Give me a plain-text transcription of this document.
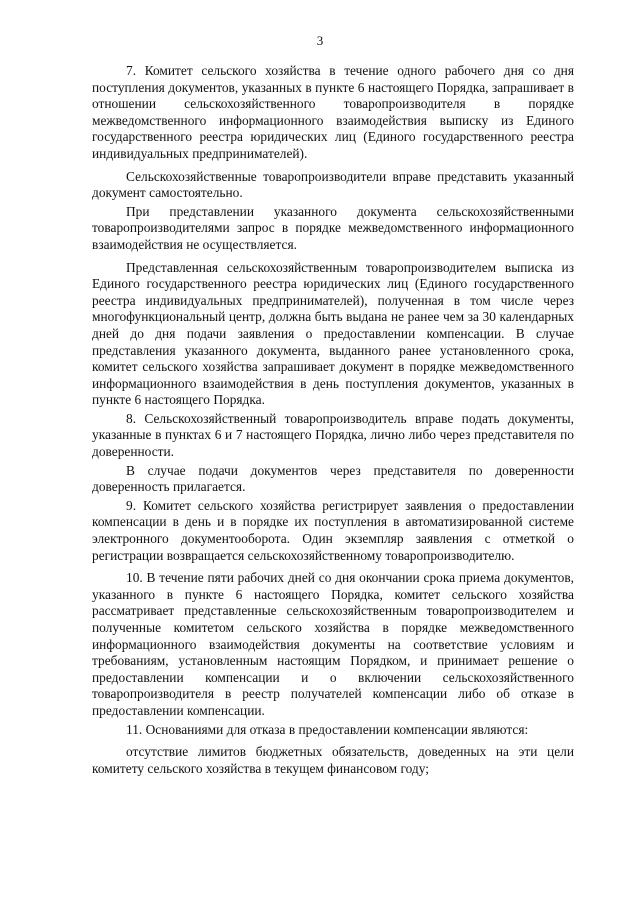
3

7. Комитет сельского хозяйства в течение одного рабочего дня со дня поступления документов, указанных в пункте 6 настоящего Порядка, запрашивает в отношении сельскохозяйственного товаропроизводителя в порядке межведомственного информационного взаимодействия выписку из Единого государственного реестра юридических лиц (Единого государственного реестра индивидуальных предпринимателей).

Сельскохозяйственные товаропроизводители вправе представить указанный документ самостоятельно.

При представлении указанного документа сельскохозяйственными товаропроизводителями запрос в порядке межведомственного информационного взаимодействия не осуществляется.

Представленная сельскохозяйственным товаропроизводителем выписка из Единого государственного реестра юридических лиц (Единого государственного реестра индивидуальных предпринимателей), полученная в том числе через многофункциональный центр, должна быть выдана не ранее чем за 30 календарных дней до дня подачи заявления о предоставлении компенсации. В случае представления указанного документа, выданного ранее установленного срока, комитет сельского хозяйства запрашивает документ в порядке межведомственного информационного взаимодействия в день поступления документов, указанных в пункте 6 настоящего Порядка.

8. Сельскохозяйственный товаропроизводитель вправе подать документы, указанные в пунктах 6 и 7 настоящего Порядка, лично либо через представителя по доверенности.

В случае подачи документов через представителя по доверенности доверенность прилагается.

9. Комитет сельского хозяйства регистрирует заявления о предоставлении компенсации в день и в порядке их поступления в автоматизированной системе электронного документооборота. Один экземпляр заявления с отметкой о регистрации возвращается сельскохозяйственному товаропроизводителю.

10. В течение пяти рабочих дней со дня окончании срока приема документов, указанного в пункте 6 настоящего Порядка, комитет сельского хозяйства рассматривает представленные сельскохозяйственным товаропроизводителем и полученные комитетом сельского хозяйства в порядке межведомственного информационного взаимодействия документы на соответствие условиям и требованиям, установленным настоящим Порядком, и принимает решение о предоставлении компенсации и о включении сельскохозяйственного товаропроизводителя в реестр получателей компенсации либо об отказе в предоставлении компенсации.

11. Основаниями для отказа в предоставлении компенсации являются:

отсутствие лимитов бюджетных обязательств, доведенных на эти цели комитету сельского хозяйства в текущем финансовом году;
